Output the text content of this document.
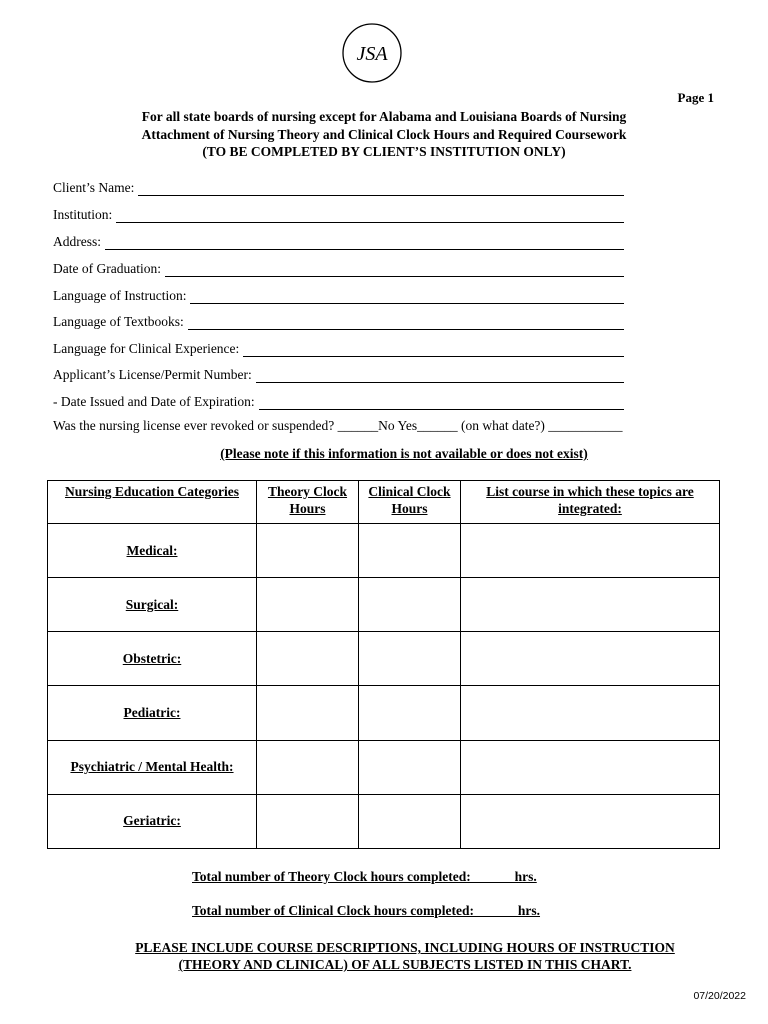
JSA
Page 1
For all state boards of nursing except for Alabama and Louisiana Boards of Nursing
Attachment of Nursing Theory and Clinical Clock Hours and Required Coursework
(TO BE COMPLETED BY CLIENT’S INSTITUTION ONLY)
Client’s Name:
Institution:
Address:
Date of Graduation:
Language of Instruction:
Language of Textbooks:
Language for Clinical Experience:
Applicant’s License/Permit Number:
- Date Issued and Date of Expiration:
Was the nursing license ever revoked or suspended? ______No Yes______ (on what date?) ___________
(Please note if this information is not available or does not exist)
Nursing Education Categories	Theory Clock Hours	Clinical Clock Hours	List course in which these topics are integrated:
Medical:			
Surgical:			
Obstetric:			
Pediatric:			
Psychiatric / Mental Health:			
Geriatric:			
Total number of Theory Clock hours completed:             hrs.
Total number of Clinical Clock hours completed:             hrs.
PLEASE INCLUDE COURSE DESCRIPTIONS, INCLUDING HOURS OF INSTRUCTION
(THEORY AND CLINICAL) OF ALL SUBJECTS LISTED IN THIS CHART.
07/20/2022
